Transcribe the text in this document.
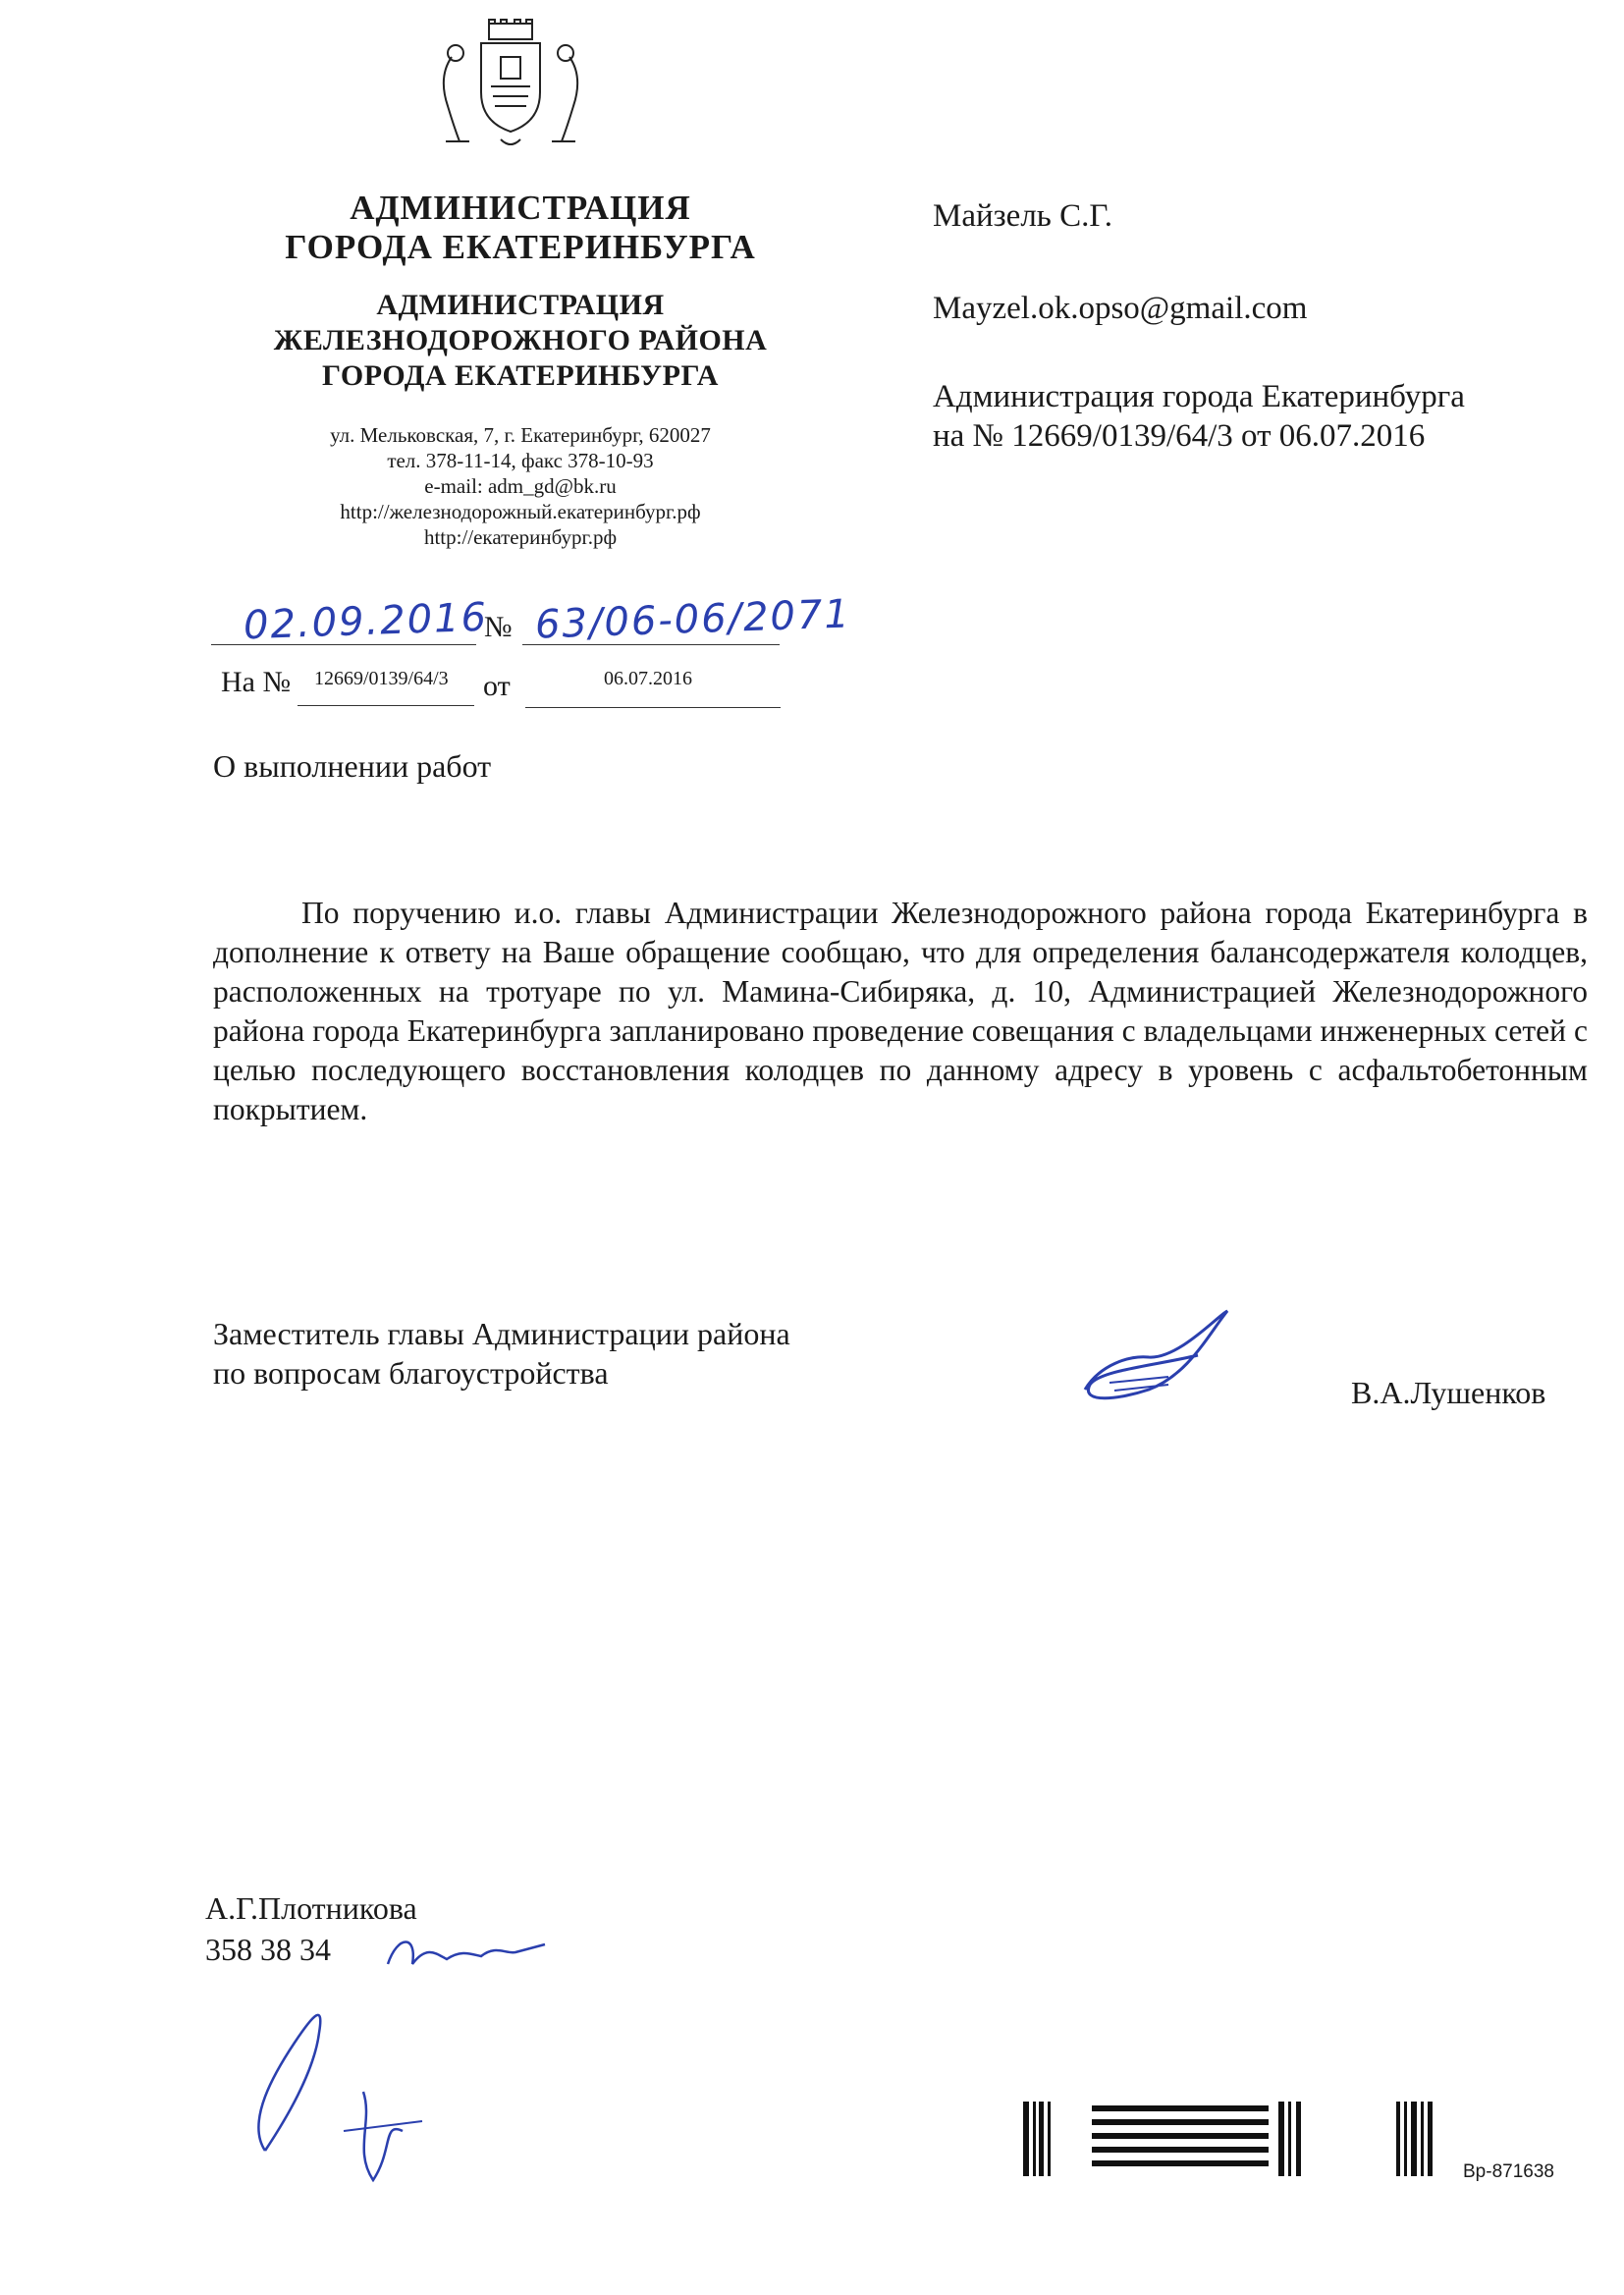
АДМИНИСТРАЦИЯ
ГОРОДА ЕКАТЕРИНБУРГА
АДМИНИСТРАЦИЯ
ЖЕЛЕЗНОДОРОЖНОГО РАЙОНА
ГОРОДА ЕКАТЕРИНБУРГА
ул. Мельковская, 7, г. Екатеринбург, 620027
тел. 378-11-14, факс 378-10-93
e-mail: adm_gd@bk.ru
http://железнодорожный.екатеринбург.рф
http://екатеринбург.рф
Майзель С.Г.
Mayzel.ok.opso@gmail.com
Администрация города Екатеринбурга
на № 12669/0139/64/3 от 06.07.2016
02.09.2016
№ 63/06-06/2071
На № 12669/0139/64/3 от	06.07.2016
О выполнении работ

По поручению и.о. главы Администрации Железнодорожного района города Екатеринбурга в дополнение к ответу на Ваше обращение сообщаю, что для определения балансодержателя колодцев, расположенных на тротуаре по ул. Мамина-Сибиряка, д. 10, Администрацией Железнодорожного района города Екатеринбурга запланировано проведение совещания с владельцами инженерных сетей с целью последующего восстановления колодцев по данному адресу в уровень с асфальтобетонным покрытием.

Заместитель главы Администрации района
по вопросам благоустройства
В.А.Лушенков
А.Г.Плотникова
358 38 34
Вр-871638
